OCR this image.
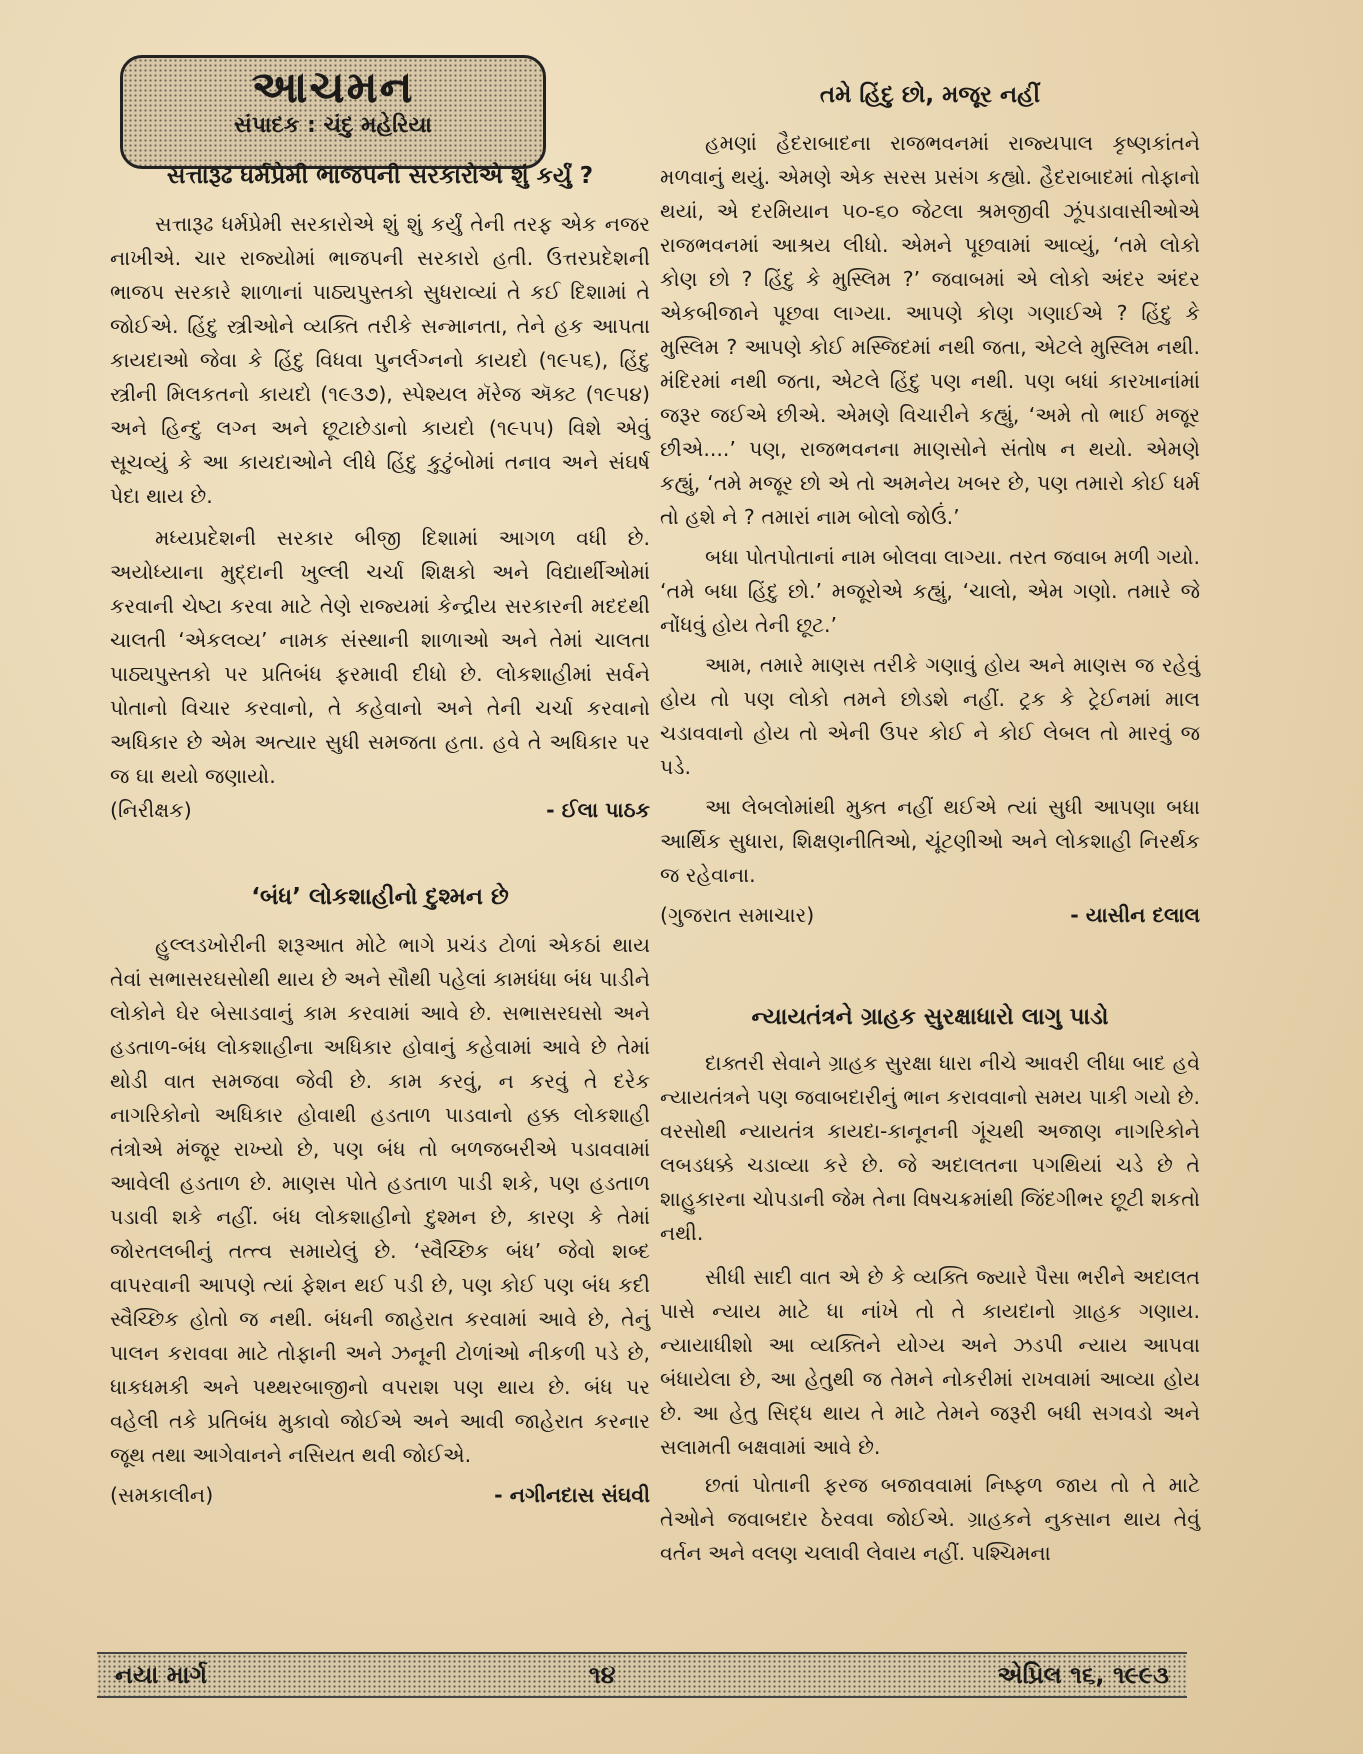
આચમન
સંપાદક : ચંદુ મહેરિયા
સત્તારૂઢ ધર્મપ્રેમી ભાજપની સરકારોએ શું કર્યું ?

સત્તારૂઢ ધર્મપ્રેમી સરકારોએ શું શું કર્યું તેની તરફ એક નજર નાખીએ. ચાર રાજ્યોમાં ભાજપની સરકારો હતી. ઉત્તરપ્રદેશની ભાજપ સરકારે શાળાનાં પાઠ્યપુસ્તકો સુધરાવ્યાં તે કઈ દિશામાં તે જોઈએ. હિંદુ સ્ત્રીઓને વ્યક્તિ તરીકે સન્માનતા, તેને હક આપતા કાયદાઓ જેવા કે હિંદુ વિધવા પુનર્લગ્નનો કાયદો (૧૯૫૬), હિંદુ સ્ત્રીની મિલકતનો કાયદો (૧૯૩૭), સ્પેશ્યલ મૅરેજ ઍક્ટ (૧૯૫૪) અને હિન્દુ લગ્ન અને છૂટાછેડાનો કાયદો (૧૯૫૫) વિશે એવું સૂચવ્યું કે આ કાયદાઓને લીધે હિંદુ કુટુંબોમાં તનાવ અને સંઘર્ષ પેદા થાય છે.

મધ્યપ્રદેશની સરકાર બીજી દિશામાં આગળ વધી છે. અયોધ્યાના મુદ્દાની ખુલ્લી ચર્ચા શિક્ષકો અને વિદ્યાર્થીઓમાં કરવાની ચેષ્ટા કરવા માટે તેણે રાજ્યમાં કેન્દ્રીય સરકારની મદદથી ચાલતી ‘એકલવ્ય’ નામક સંસ્થાની શાળાઓ અને તેમાં ચાલતા પાઠ્યપુસ્તકો પર પ્રતિબંધ ફરમાવી દીધો છે. લોકશાહીમાં સર્વને પોતાનો વિચાર કરવાનો, તે કહેવાનો અને તેની ચર્ચા કરવાનો અધિકાર છે એમ અત્યાર સુધી સમજતા હતા. હવે તે અધિકાર પર જ ઘા થયો જણાયો.

(નિરીક્ષક)	- ઈલા પાઠક
‘બંધ’ લોકશાહીનો દુશ્મન છે

હુલ્લડખોરીની શરૂઆત મોટે ભાગે પ્રચંડ ટોળાં એકઠાં થાય તેવાં સભાસરઘસોથી થાય છે અને સૌથી પહેલાં કામધંધા બંધ પાડીને લોકોને ઘેર બેસાડવાનું કામ કરવામાં આવે છે. સભાસરઘસો અને હડતાળ-બંધ લોકશાહીના અધિકાર હોવાનું કહેવામાં આવે છે તેમાં થોડી વાત સમજવા જેવી છે. કામ કરવું, ન કરવું તે દરેક નાગરિકોનો અધિકાર હોવાથી હડતાળ પાડવાનો હક્ક લોકશાહી તંત્રોએ મંજૂર રાખ્યો છે, પણ બંધ તો બળજબરીએ પડાવવામાં આવેલી હડતાળ છે. માણસ પોતે હડતાળ પાડી શકે, પણ હડતાળ પડાવી શકે નહીં. બંધ લોકશાહીનો દુશ્મન છે, કારણ કે તેમાં જોરતલબીનું તત્ત્વ સમાયેલું છે. ‘સ્વૈચ્છિક બંધ’ જેવો શબ્દ વાપરવાની આપણે ત્યાં ફેશન થઈ પડી છે, પણ કોઈ પણ બંધ કદી સ્વૈચ્છિક હોતો જ નથી. બંધની જાહેરાત કરવામાં આવે છે, તેનું પાલન કરાવવા માટે તોફાની અને ઝનૂની ટોળાંઓ નીકળી પડે છે, ધાકધમકી અને પથ્થરબાજીનો વપરાશ પણ થાય છે. બંધ પર વહેલી તકે પ્રતિબંધ મુકાવો જોઈએ અને આવી જાહેરાત કરનાર જૂથ તથા આગેવાનને નસિયત થવી જોઈએ.

(સમકાલીન)	- નગીનદાસ સંઘવી
તમે હિંદુ છો, મજૂર નહીં

હમણાં હૈદરાબાદના રાજભવનમાં રાજ્યપાલ કૃષ્ણકાંતને મળવાનું થયું. એમણે એક સરસ પ્રસંગ કહ્યો. હૈદરાબાદમાં તોફાનો થયાં, એ દરમિયાન ૫૦-૬૦ જેટલા શ્રમજીવી ઝૂંપડાવાસીઓએ રાજભવનમાં આશ્રય લીધો. એમને પૂછવામાં આવ્યું, ‘તમે લોકો કોણ છો ? હિંદુ કે મુસ્લિમ ?’ જવાબમાં એ લોકો અંદર અંદર એકબીજાને પૂછવા લાગ્યા. આપણે કોણ ગણાઈએ ? હિંદુ કે મુસ્લિમ ? આપણે કોઈ મસ્જિદમાં નથી જતા, એટલે મુસ્લિમ નથી. મંદિરમાં નથી જતા, એટલે હિંદુ પણ નથી. પણ બધાં કારખાનાંમાં જરૂર જઈએ છીએ. એમણે વિચારીને કહ્યું, ‘અમે તો ભાઈ મજૂર છીએ....’ પણ, રાજભવનના માણસોને સંતોષ ન થયો. એમણે કહ્યું, ‘તમે મજૂર છો એ તો અમનેય ખબર છે, પણ તમારો કોઈ ધર્મ તો હશે ને ? તમારાં નામ બોલો જોઉં.’

બધા પોતપોતાનાં નામ બોલવા લાગ્યા. તરત જવાબ મળી ગયો. ‘તમે બધા હિંદુ છો.’ મજૂરોએ કહ્યું, ‘ચાલો, એમ ગણો. તમારે જે નોંધવું હોય તેની છૂટ.’

આમ, તમારે માણસ તરીકે ગણાવું હોય અને માણસ જ રહેવું હોય તો પણ લોકો તમને છોડશે નહીં. ટ્રક કે ટ્રેઈનમાં માલ ચડાવવાનો હોય તો એની ઉપર કોઈ ને કોઈ લેબલ તો મારવું જ પડે.

આ લેબલોમાંથી મુક્ત નહીં થઈએ ત્યાં સુધી આપણા બધા આર્થિક સુધારા, શિક્ષણનીતિઓ, ચૂંટણીઓ અને લોકશાહી નિરર્થક જ રહેવાના.

(ગુજરાત સમાચાર)	- યાસીન દલાલ
ન્યાયતંત્રને ગ્રાહક સુરક્ષાધારો લાગુ પાડો

દાક્તરી સેવાને ગ્રાહક સુરક્ષા ધારા નીચે આવરી લીધા બાદ હવે ન્યાયતંત્રને પણ જવાબદારીનું ભાન કરાવવાનો સમય પાકી ગયો છે. વરસોથી ન્યાયતંત્ર કાયદા-કાનૂનની ગૂંચથી અજાણ નાગરિકોને લબડધક્કે ચડાવ્યા કરે છે. જે અદાલતના પગથિયાં ચડે છે તે શાહુકારના ચોપડાની જેમ તેના વિષચક્રમાંથી જિંદગીભર છૂટી શકતો નથી.

સીધી સાદી વાત એ છે કે વ્યક્તિ જ્યારે પૈસા ભરીને અદાલત પાસે ન્યાય માટે ધા નાંખે તો તે કાયદાનો ગ્રાહક ગણાય. ન્યાયાધીશો આ વ્યક્તિને યોગ્ય અને ઝડપી ન્યાય આપવા બંધાયેલા છે, આ હેતુથી જ તેમને નોકરીમાં રાખવામાં આવ્યા હોય છે. આ હેતુ સિદ્ધ થાય તે માટે તેમને જરૂરી બધી સગવડો અને સલામતી બક્ષવામાં આવે છે.

છતાં પોતાની ફરજ બજાવવામાં નિષ્ફળ જાય તો તે માટે તેઓને જવાબદાર ઠેરવવા જોઈએ. ગ્રાહકને નુકસાન થાય તેવું વર્તન અને વલણ ચલાવી લેવાય નહીં. પશ્ચિમના

નયા માર્ગ	૧૪	એપ્રિલ ૧૬, ૧૯૯૩
